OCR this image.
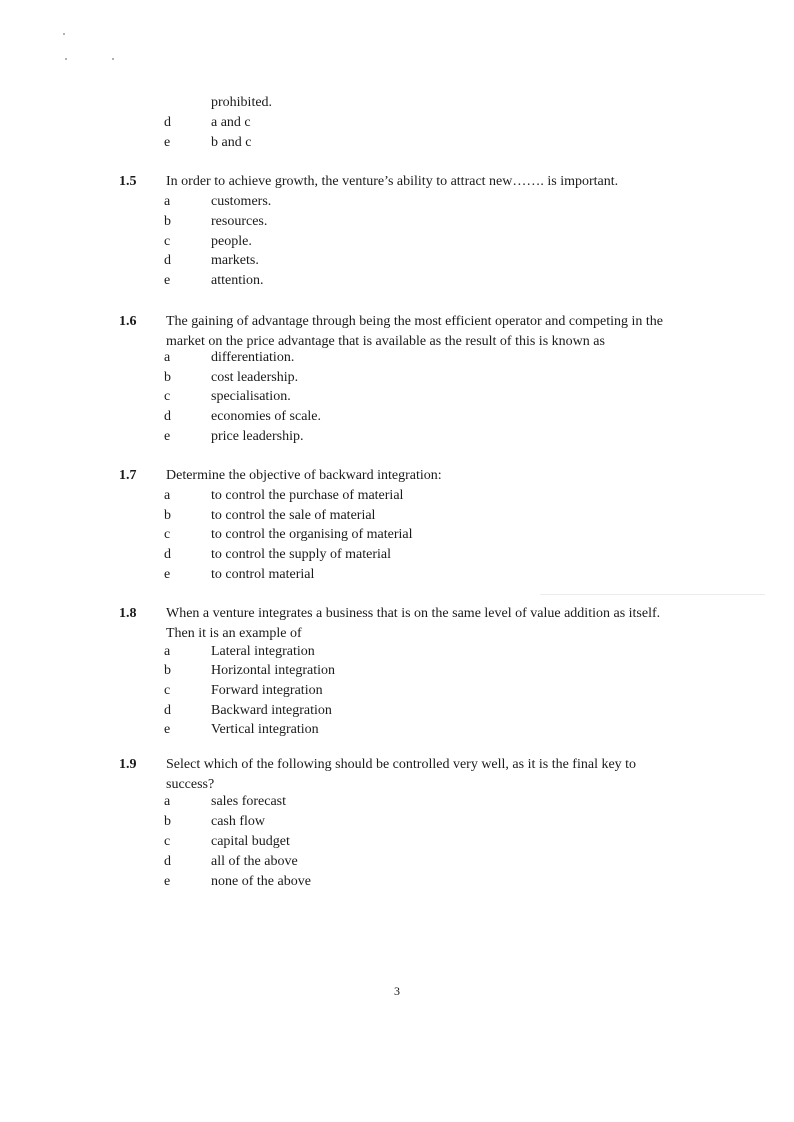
prohibited.
d	a and c
e	b and c
1.5 In order to achieve growth, the venture’s ability to attract new……. is important.
a	customers.
b	resources.
c	people.
d	markets.
e	attention.
1.6 The gaining of advantage through being the most efficient operator and competing in the market on the price advantage that is available as the result of this is known as
a	differentiation.
b	cost leadership.
c	specialisation.
d	economies of scale.
e	price leadership.
1.7 Determine the objective of backward integration:
a	to control the purchase of material
b	to control the sale of material
c	to control the organising of material
d	to control the supply of material
e	to control material
1.8 When a venture integrates a business that is on the same level of value addition as itself. Then it is an example of
a	Lateral integration
b	Horizontal integration
c	Forward integration
d	Backward integration
e	Vertical integration
1.9 Select which of the following should be controlled very well, as it is the final key to success?
a	sales forecast
b	cash flow
c	capital budget
d	all of the above
e	none of the above
3
